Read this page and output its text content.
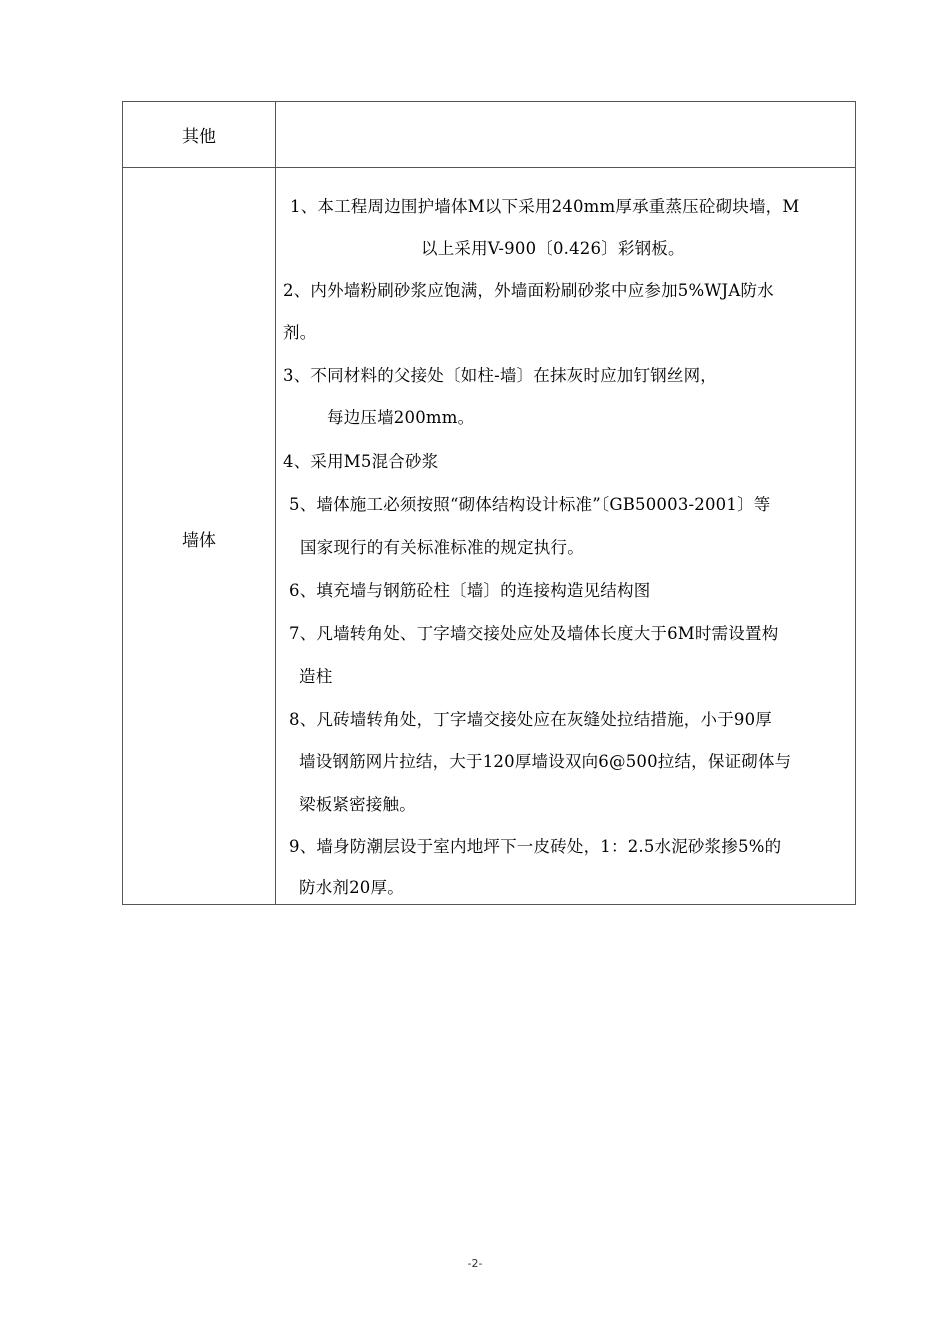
其他
墙体
1、本工程周边围护墙体M以下采用240mm厚承重蒸压砼砌块墙，M
以上采用V-900〔0.426〕彩钢板。
2、内外墙粉刷砂浆应饱满，外墙面粉刷砂浆中应参加5%WJA防水
剂。
3、不同材料的父接处〔如柱-墙〕在抹灰时应加钉钢丝网，
每边压墙200mm。
4、采用M5混合砂浆
5、墙体施工必须按照“砌体结构设计标准”〔GB50003-2001〕等
国家现行的有关标准标准的规定执行。
6、填充墙与钢筋砼柱〔墙〕的连接构造见结构图
7、凡墙转角处、丁字墙交接处应处及墙体长度大于6M时需设置构
造柱
8、凡砖墙转角处，丁字墙交接处应在灰缝处拉结措施，小于90厚
墙设钢筋网片拉结，大于120厚墙设双向6@500拉结，保证砌体与
梁板紧密接触。
9、墙身防潮层设于室内地坪下一皮砖处，1：2.5水泥砂浆掺5%的
防水剂20厚。
-2-
